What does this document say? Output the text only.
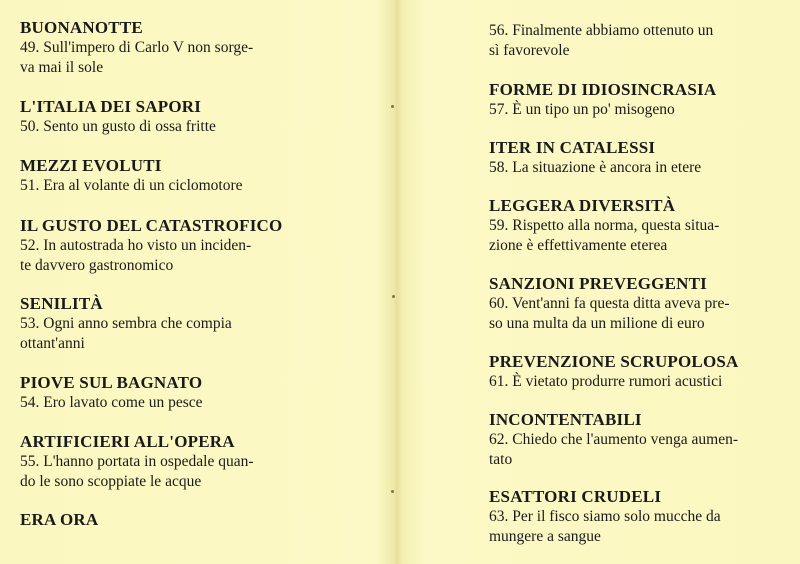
BUONANOTTE
49. Sull'impero di Carlo V non sorge-
va mai il sole
L'ITALIA DEI SAPORI
50. Sento un gusto di ossa fritte
MEZZI EVOLUTI
51. Era al volante di un ciclomotore
IL GUSTO DEL CATASTROFICO
52. In autostrada ho visto un inciden-
te davvero gastronomico
SENILITÀ
53. Ogni anno sembra che compia
ottant'anni
PIOVE SUL BAGNATO
54. Ero lavato come un pesce
ARTIFICIERI ALL'OPERA
55. L'hanno portata in ospedale quan-
do le sono scoppiate le acque
ERA ORA
56. Finalmente abbiamo ottenuto un
sì favorevole
FORME DI IDIOSINCRASIA
57. È un tipo un po' misogeno
ITER IN CATALESSI
58. La situazione è ancora in etere
LEGGERA DIVERSITÀ
59. Rispetto alla norma, questa situa-
zione è effettivamente eterea
SANZIONI PREVEGGENTI
60. Vent'anni fa questa ditta aveva pre-
so una multa da un milione di euro
PREVENZIONE SCRUPOLOSA
61. È vietato produrre rumori acustici
INCONTENTABILI
62. Chiedo che l'aumento venga aumen-
tato
ESATTORI CRUDELI
63. Per il fisco siamo solo mucche da
mungere a sangue
